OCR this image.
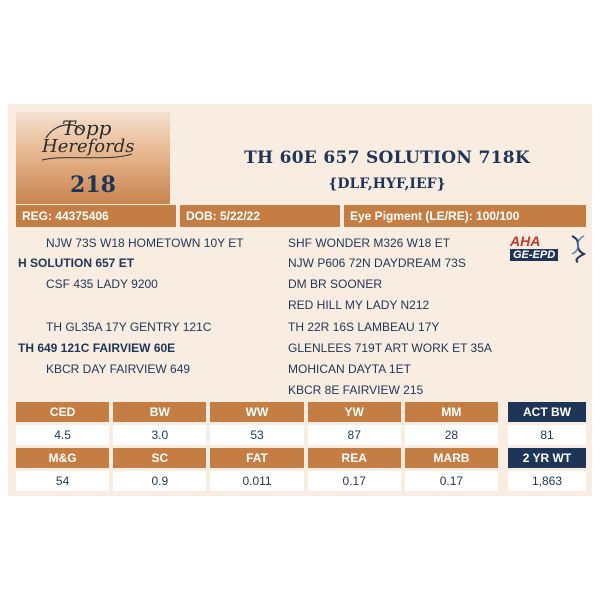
Topp
Herefords
218
TH 60E 657 SOLUTION 718K
{DLF,HYF,IEF}
REG: 44375406	DOB: 5/22/22	Eye Pigment (LE/RE): 100/100
NJW 73S W18 HOMETOWN 10Y ET
H SOLUTION 657 ET
CSF 435 LADY 9200
TH GL35A 17Y GENTRY 121C
TH 649 121C FAIRVIEW 60E
KBCR DAY FAIRVIEW 649
SHF WONDER M326 W18 ET
NJW P606 72N DAYDREAM 73S
DM BR SOONER
RED HILL MY LADY N212
TH 22R 16S LAMBEAU 17Y
GLENLEES 719T ART WORK ET 35A
MOHICAN DAYTA 1ET
KBCR 8E FAIRVIEW 215
AHA
GE-EPD
CED	BW	WW	YW	MM
4.5	3.0	53	87	28
M&G	SC	FAT	REA	MARB
54	0.9	0.011	0.17	0.17
ACT BW
81
2 YR WT
1,863
